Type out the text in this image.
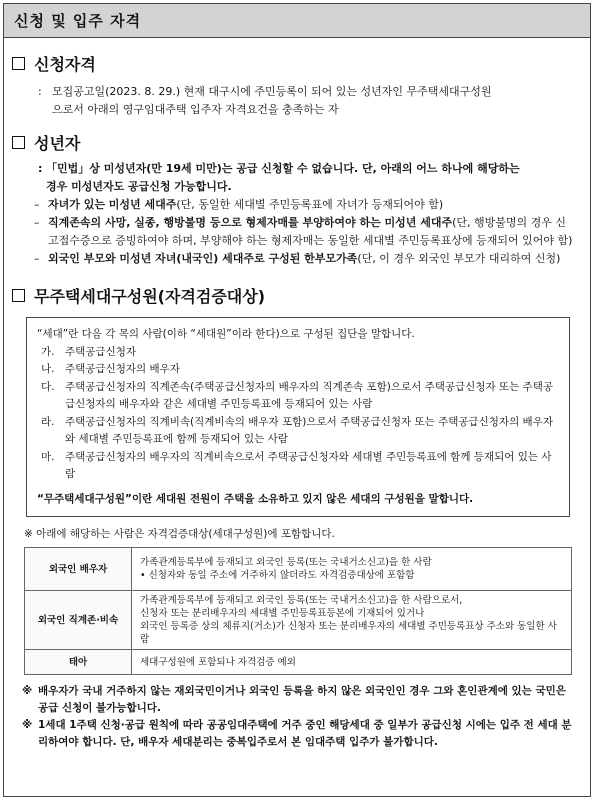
신청 및 입주 자격
신청자격
: 모집공고일(2023. 8. 29.) 현재 대구시에 주민등록이 되어 있는 성년자인 무주택세대구성원
으로서 아래의 영구임대주택 입주자 자격요건을 충족하는 자
성년자
: 「민법」상 미성년자(만 19세 미만)는 공급 신청할 수 없습니다. 단, 아래의 어느 하나에 해당하는
경우 미성년자도 공급신청 가능합니다.
– 자녀가 있는 미성년 세대주(단, 동일한 세대별 주민등록표에 자녀가 등재되어야 함)
– 직계존속의 사망, 실종, 행방불명 등으로 형제자매를 부양하여야 하는 미성년 세대주(단, 행방불명의 경우 신고접수증으로 증빙하여야 하며, 부양해야 하는 형제자매는 동일한 세대별 주민등록표상에 등재되어 있어야 함)
– 외국인 부모와 미성년 자녀(내국인) 세대주로 구성된 한부모가족(단, 이 경우 외국인 부모가 대리하여 신청)
무주택세대구성원(자격검증대상)
“세대”란 다음 각 목의 사람(이하 “세대원”이라 한다)으로 구성된 집단을 말합니다.
가.	주택공급신청자
나.	주택공급신청자의 배우자
다.	주택공급신청자의 직계존속(주택공급신청자의 배우자의 직계존속 포함)으로서 주택공급신청자 또는 주택공급신청자의 배우자와 같은 세대별 주민등록표에 등재되어 있는 사람
라.	주택공급신청자의 직계비속(직계비속의 배우자 포함)으로서 주택공급신청자 또는 주택공급신청자의 배우자와 세대별 주민등록표에 함께 등재되어 있는 사람
마.	주택공급신청자의 배우자의 직계비속으로서 주택공급신청자와 세대별 주민등록표에 함께 등재되어 있는 사람
“무주택세대구성원”이란 세대원 전원이 주택을 소유하고 있지 않은 세대의 구성원을 말합니다.
※ 아래에 해당하는 사람은 자격검증대상(세대구성원)에 포함합니다.
외국인 배우자	가족관계등록부에 등재되고 외국인 등록(또는 국내거소신고)을 한 사람
• 신청자와 동일 주소에 거주하지 않더라도 자격검증대상에 포함함

외국인 직계존·비속	가족관계등록부에 등재되고 외국인 등록(또는 국내거소신고)을 한 사람으로서,
신청자 또는 분리배우자의 세대별 주민등록표등본에 기재되어 있거나
외국인 등록증 상의 체류지(거소)가 신청자 또는 분리배우자의 세대별 주민등록표상 주소와 동일한 사람

태아	세대구성원에 포함되나 자격검증 예외
※ 배우자가 국내 거주하지 않는 재외국민이거나 외국인 등록을 하지 않은 외국인인 경우 그와 혼인관계에 있는 국민은 공급 신청이 불가능합니다.
※ 1세대 1주택 신청·공급 원칙에 따라 공공임대주택에 거주 중인 해당세대 중 일부가 공급신청 시에는 입주 전 세대 분리하여야 합니다. 단, 배우자 세대분리는 중복입주로서 본 임대주택 입주가 불가합니다.
